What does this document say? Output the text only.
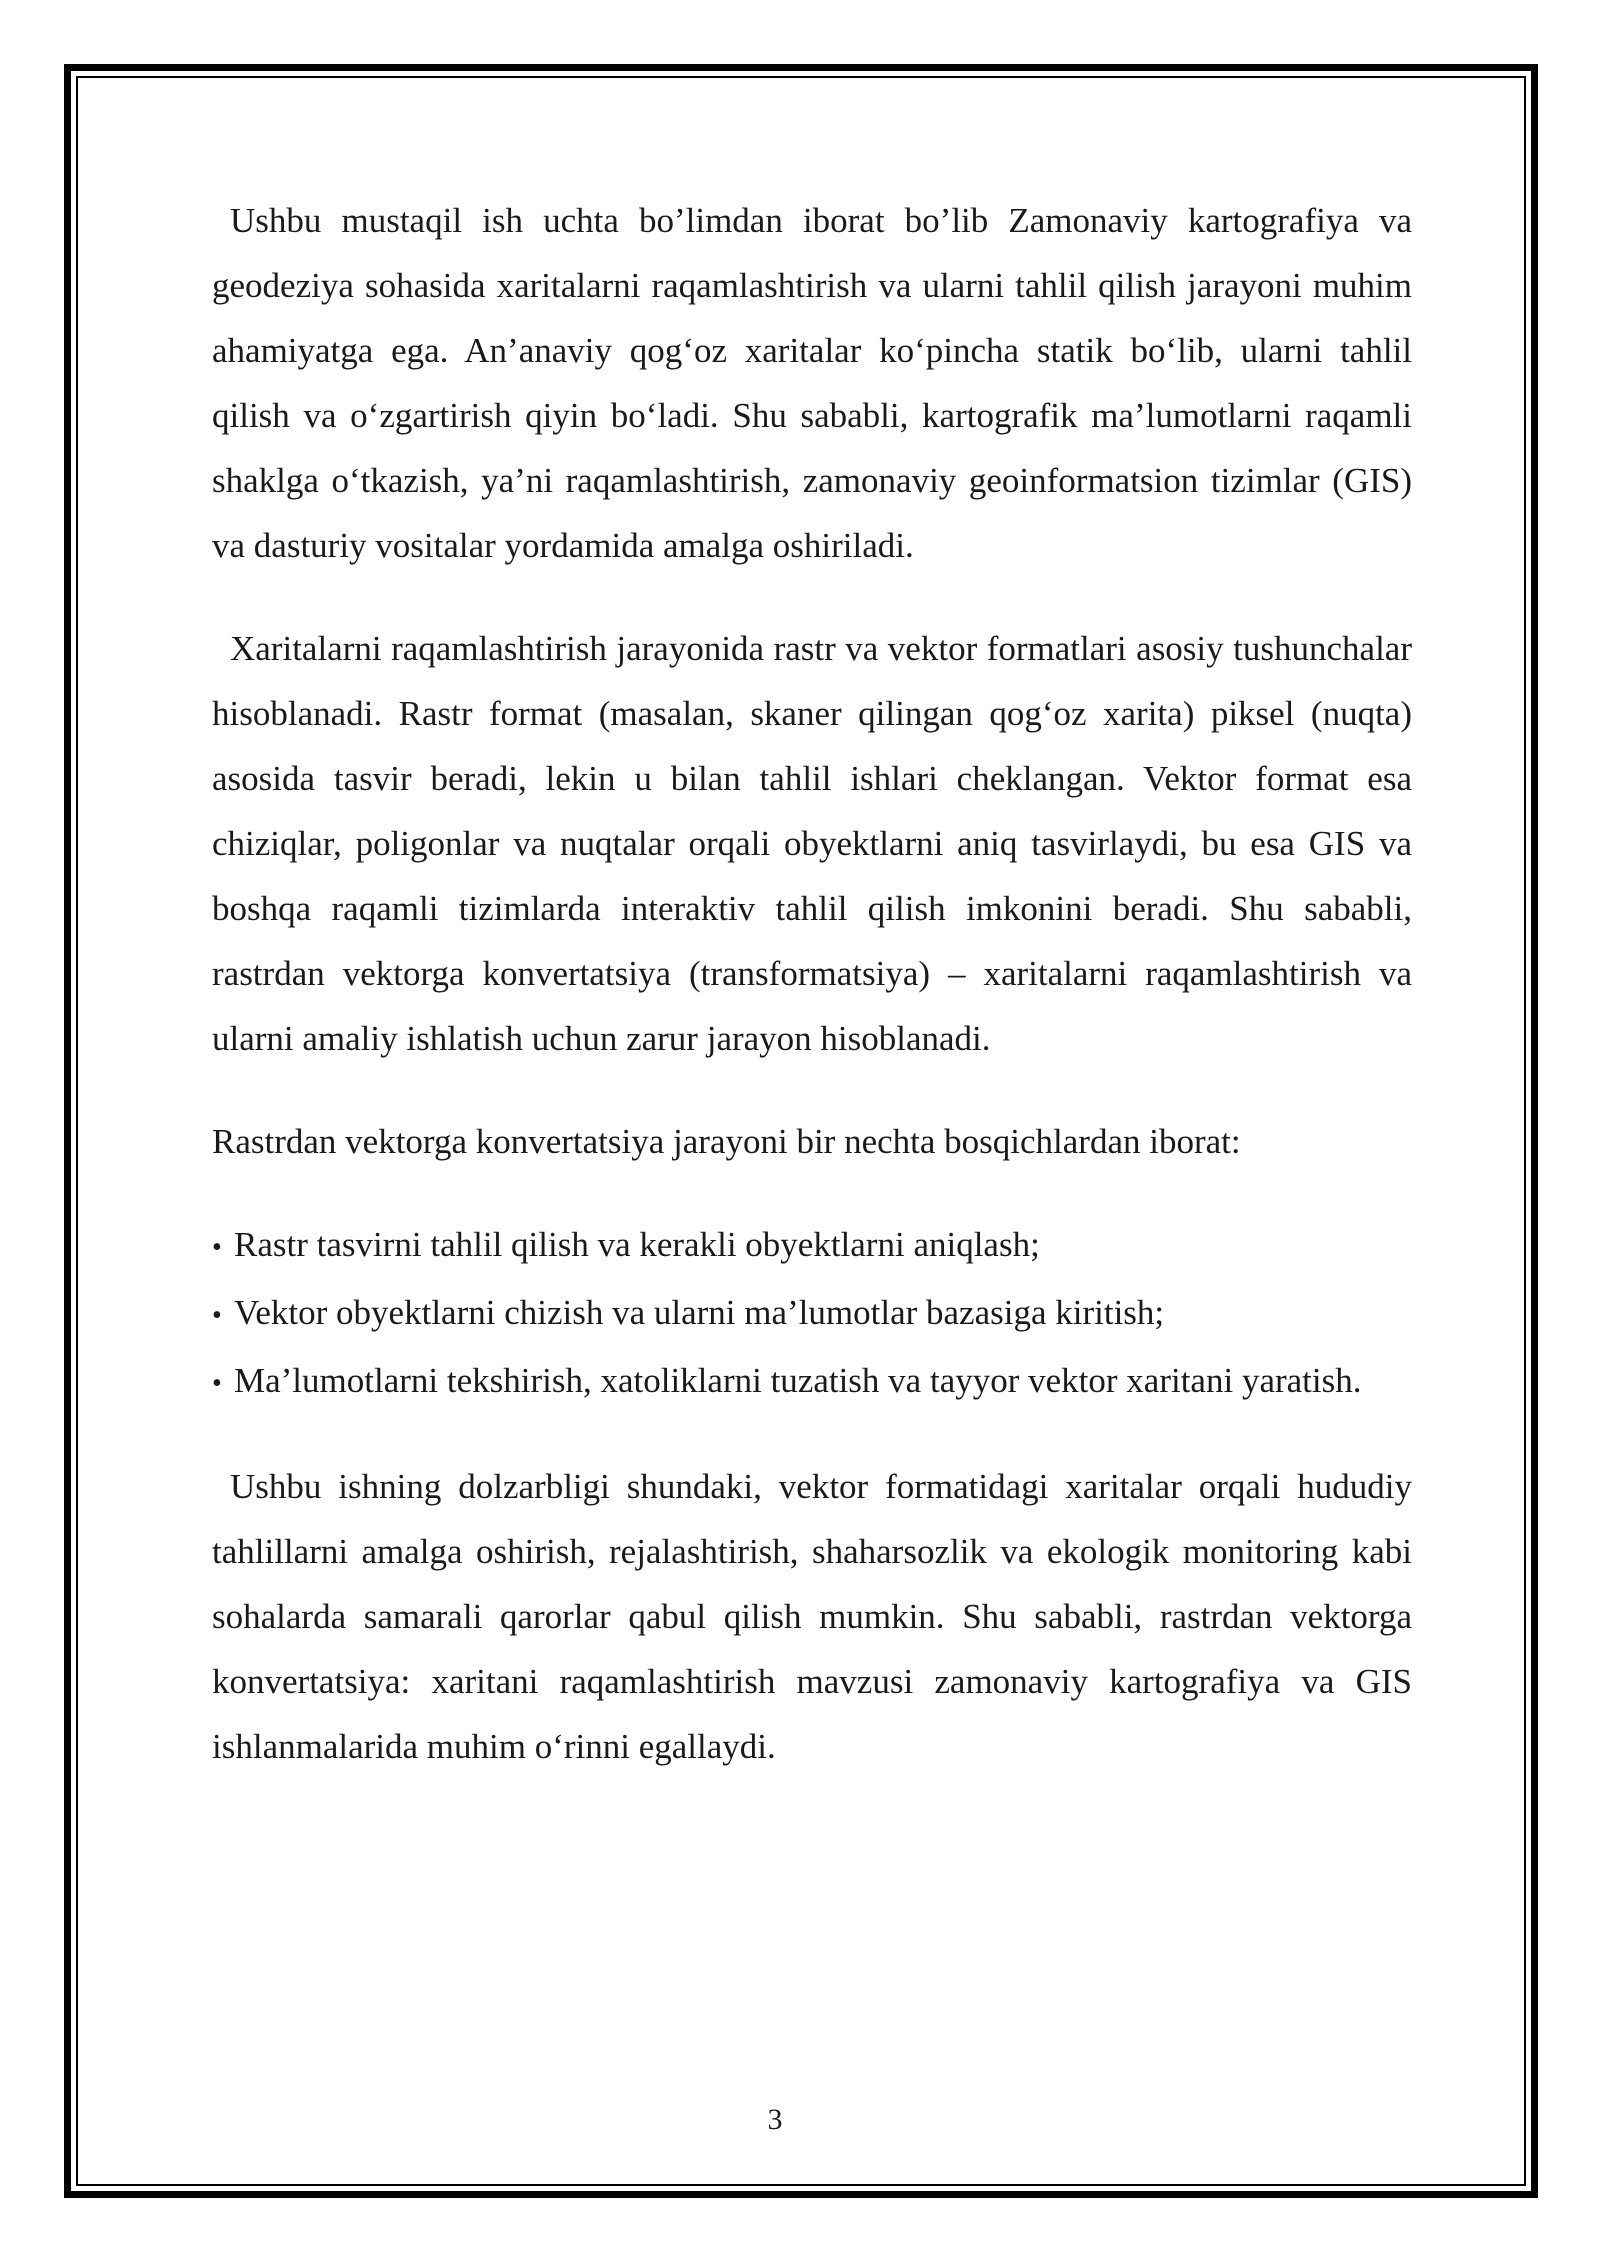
Ushbu mustaqil ish uchta bo’limdan iborat bo’lib Zamonaviy kartografiya va geodeziya sohasida xaritalarni raqamlashtirish va ularni tahlil qilish jarayoni muhim ahamiyatga ega. An’anaviy qog‘oz xaritalar ko‘pincha statik bo‘lib, ularni tahlil qilish va o‘zgartirish qiyin bo‘ladi. Shu sababli, kartografik ma’lumotlarni raqamli shaklga o‘tkazish, ya’ni raqamlashtirish, zamonaviy geoinformatsion tizimlar (GIS) va dasturiy vositalar yordamida amalga oshiriladi.

Xaritalarni raqamlashtirish jarayonida rastr va vektor formatlari asosiy tushunchalar hisoblanadi. Rastr format (masalan, skaner qilingan qog‘oz xarita) piksel (nuqta) asosida tasvir beradi, lekin u bilan tahlil ishlari cheklangan. Vektor format esa chiziqlar, poligonlar va nuqtalar orqali obyektlarni aniq tasvirlaydi, bu esa GIS va boshqa raqamli tizimlarda interaktiv tahlil qilish imkonini beradi. Shu sababli, rastrdan vektorga konvertatsiya (transformatsiya) – xaritalarni raqamlashtirish va ularni amaliy ishlatish uchun zarur jarayon hisoblanadi.

Rastrdan vektorga konvertatsiya jarayoni bir nechta bosqichlardan iborat:

• Rastr tasvirni tahlil qilish va kerakli obyektlarni aniqlash;
• Vektor obyektlarni chizish va ularni ma’lumotlar bazasiga kiritish;
• Ma’lumotlarni tekshirish, xatoliklarni tuzatish va tayyor vektor xaritani yaratish.

Ushbu ishning dolzarbligi shundaki, vektor formatidagi xaritalar orqali hududiy tahlillarni amalga oshirish, rejalashtirish, shaharsozlik va ekologik monitoring kabi sohalarda samarali qarorlar qabul qilish mumkin. Shu sababli, rastrdan vektorga konvertatsiya: xaritani raqamlashtirish mavzusi zamonaviy kartografiya va GIS ishlanmalarida muhim o‘rinni egallaydi.

3
